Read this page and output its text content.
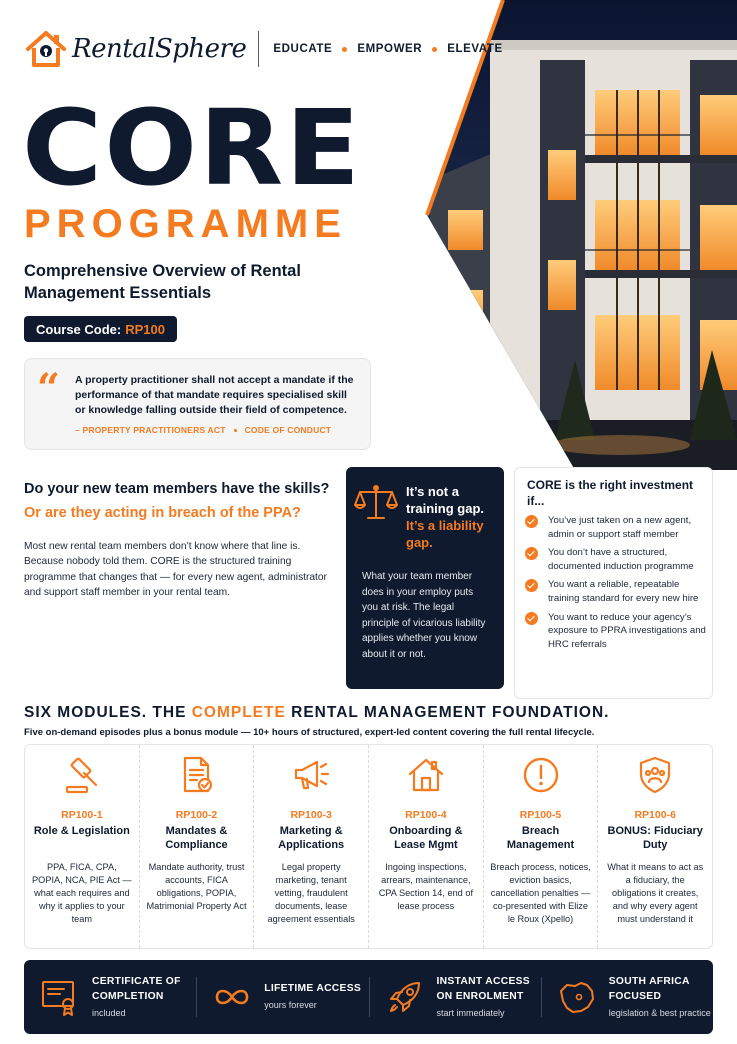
RentalSphere EDUCATE EMPOWER ELEVATE
CORE
PROGRAMME
Comprehensive Overview of Rental Management Essentials
Course Code: RP100
“ A property practitioner shall not accept a mandate if the performance of that mandate requires specialised skill or knowledge falling outside their field of competence.
– PROPERTY PRACTITIONERS ACT CODE OF CONDUCT
Do your new team members have the skills?
Or are they acting in breach of the PPA?
Most new rental team members don’t know where that line is. Because nobody told them. CORE is the structured training programme that changes that — for every new agent, administrator and support staff member in your rental team.
It’s not a training gap.
It’s a liability gap.
What your team member does in your employ puts you at risk. The legal principle of vicarious liability applies whether you know about it or not.
CORE is the right investment if...
You’ve just taken on a new agent, admin or support staff member
You don’t have a structured, documented induction programme
You want a reliable, repeatable training standard for every new hire
You want to reduce your agency’s exposure to PPRA investigations and HRC referrals
SIX MODULES. THE COMPLETE RENTAL MANAGEMENT FOUNDATION.
Five on-demand episodes plus a bonus module — 10+ hours of structured, expert-led content covering the full rental lifecycle.
RP100-1
Role & Legislation
PPA, FICA, CPA, POPIA, NCA, PIE Act — what each requires and why it applies to your team
RP100-2
Mandates & Compliance
Mandate authority, trust accounts, FICA obligations, POPIA, Matrimonial Property Act
RP100-3
Marketing & Applications
Legal property marketing, tenant vetting, fraudulent documents, lease agreement essentials
RP100-4
Onboarding & Lease Mgmt
Ingoing inspections, arrears, maintenance, CPA Section 14, end of lease process
RP100-5
Breach Management
Breach process, notices, eviction basics, cancellation penalties — co-presented with Elize le Roux (Xpello)
RP100-6
BONUS: Fiduciary Duty
What it means to act as a fiduciary, the obligations it creates, and why every agent must understand it
CERTIFICATE OF COMPLETION
included
LIFETIME ACCESS
yours forever
INSTANT ACCESS ON ENROLMENT
start immediately
SOUTH AFRICA FOCUSED
legislation & best practice
